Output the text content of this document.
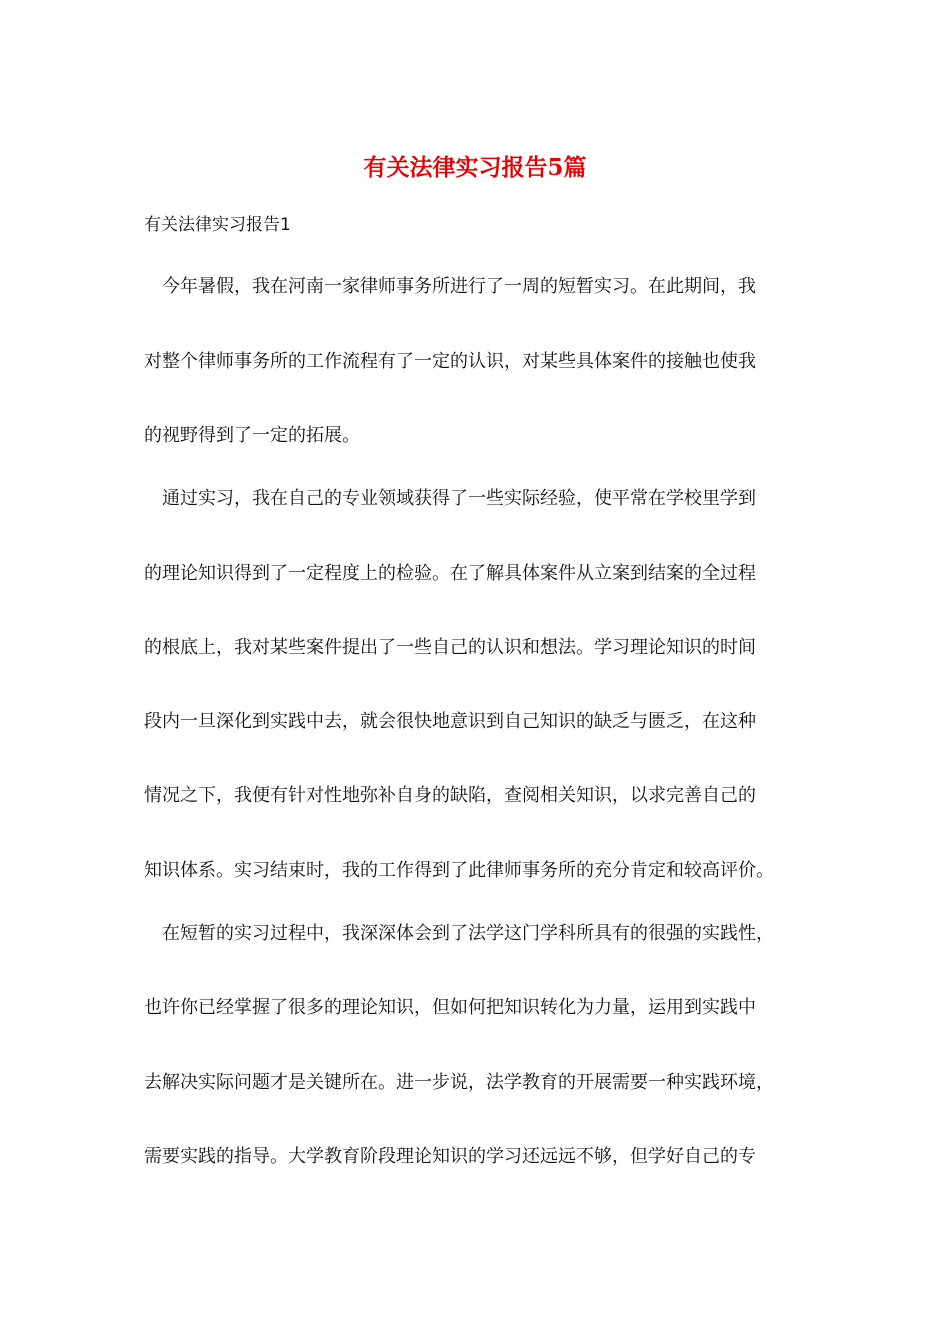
有关法律实习报告5篇

有关法律实习报告1

今年暑假，我在河南一家律师事务所进行了一周的短暂实习。在此期间，我

对整个律师事务所的工作流程有了一定的认识，对某些具体案件的接触也使我

的视野得到了一定的拓展。

通过实习，我在自己的专业领域获得了一些实际经验，使平常在学校里学到

的理论知识得到了一定程度上的检验。在了解具体案件从立案到结案的全过程

的根底上，我对某些案件提出了一些自己的认识和想法。学习理论知识的时间

段内一旦深化到实践中去，就会很快地意识到自己知识的缺乏与匮乏，在这种

情况之下，我便有针对性地弥补自身的缺陷，查阅相关知识，以求完善自己的

知识体系。实习结束时，我的工作得到了此律师事务所的充分肯定和较高评价。

在短暂的实习过程中，我深深体会到了法学这门学科所具有的很强的实践性，

也许你已经掌握了很多的理论知识，但如何把知识转化为力量，运用到实践中

去解决实际问题才是关键所在。进一步说，法学教育的开展需要一种实践环境，

需要实践的指导。大学教育阶段理论知识的学习还远远不够，但学好自己的专
